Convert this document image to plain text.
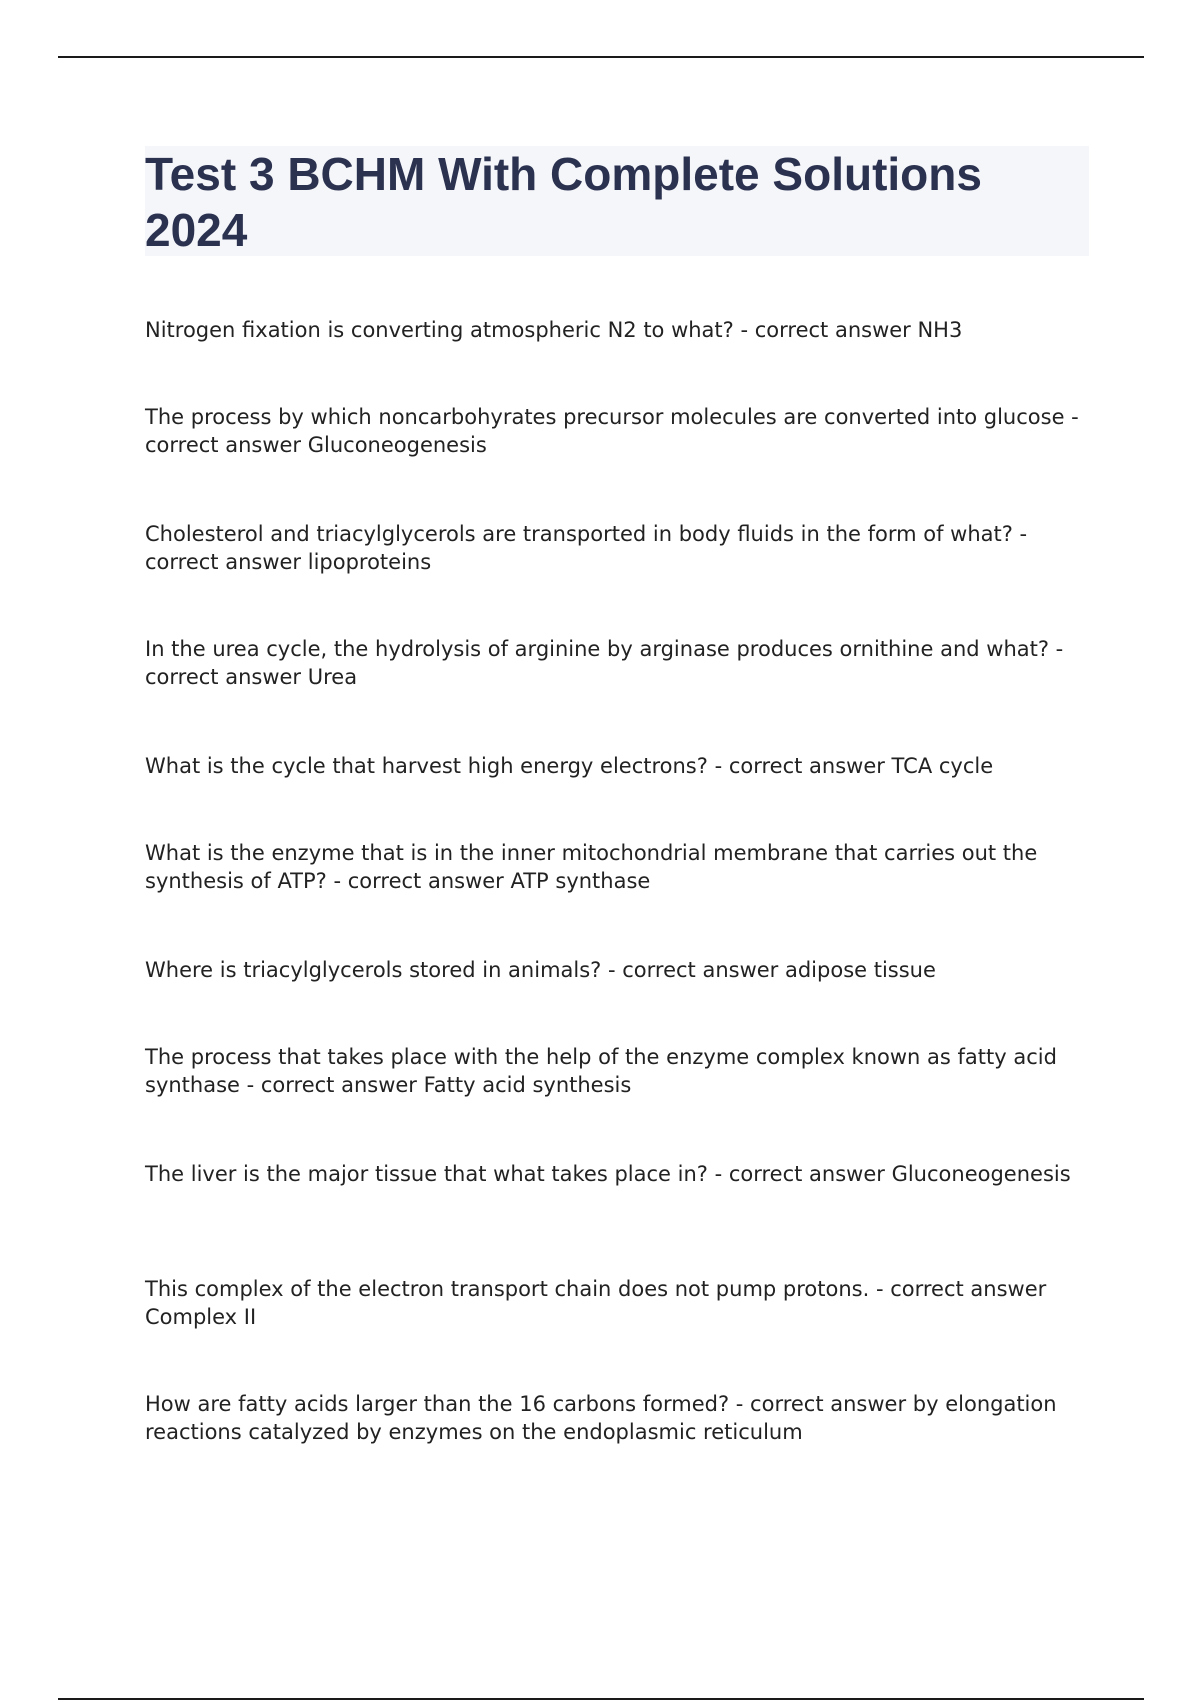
Test 3 BCHM With Complete Solutions 2024
Nitrogen fixation is converting atmospheric N2 to what? - correct answer NH3
The process by which noncarbohyrates precursor molecules are converted into glucose - correct answer Gluconeogenesis
Cholesterol and triacylglycerols are transported in body fluids in the form of what? - correct answer lipoproteins
In the urea cycle, the hydrolysis of arginine by arginase produces ornithine and what? - correct answer Urea
What is the cycle that harvest high energy electrons? - correct answer TCA cycle
What is the enzyme that is in the inner mitochondrial membrane that carries out the synthesis of ATP? - correct answer ATP synthase
Where is triacylglycerols stored in animals? - correct answer adipose tissue
The process that takes place with the help of the enzyme complex known as fatty acid synthase - correct answer Fatty acid synthesis
The liver is the major tissue that what takes place in? - correct answer Gluconeogenesis
This complex of the electron transport chain does not pump protons. - correct answer Complex II
How are fatty acids larger than the 16 carbons formed? - correct answer by elongation reactions catalyzed by enzymes on the endoplasmic reticulum
